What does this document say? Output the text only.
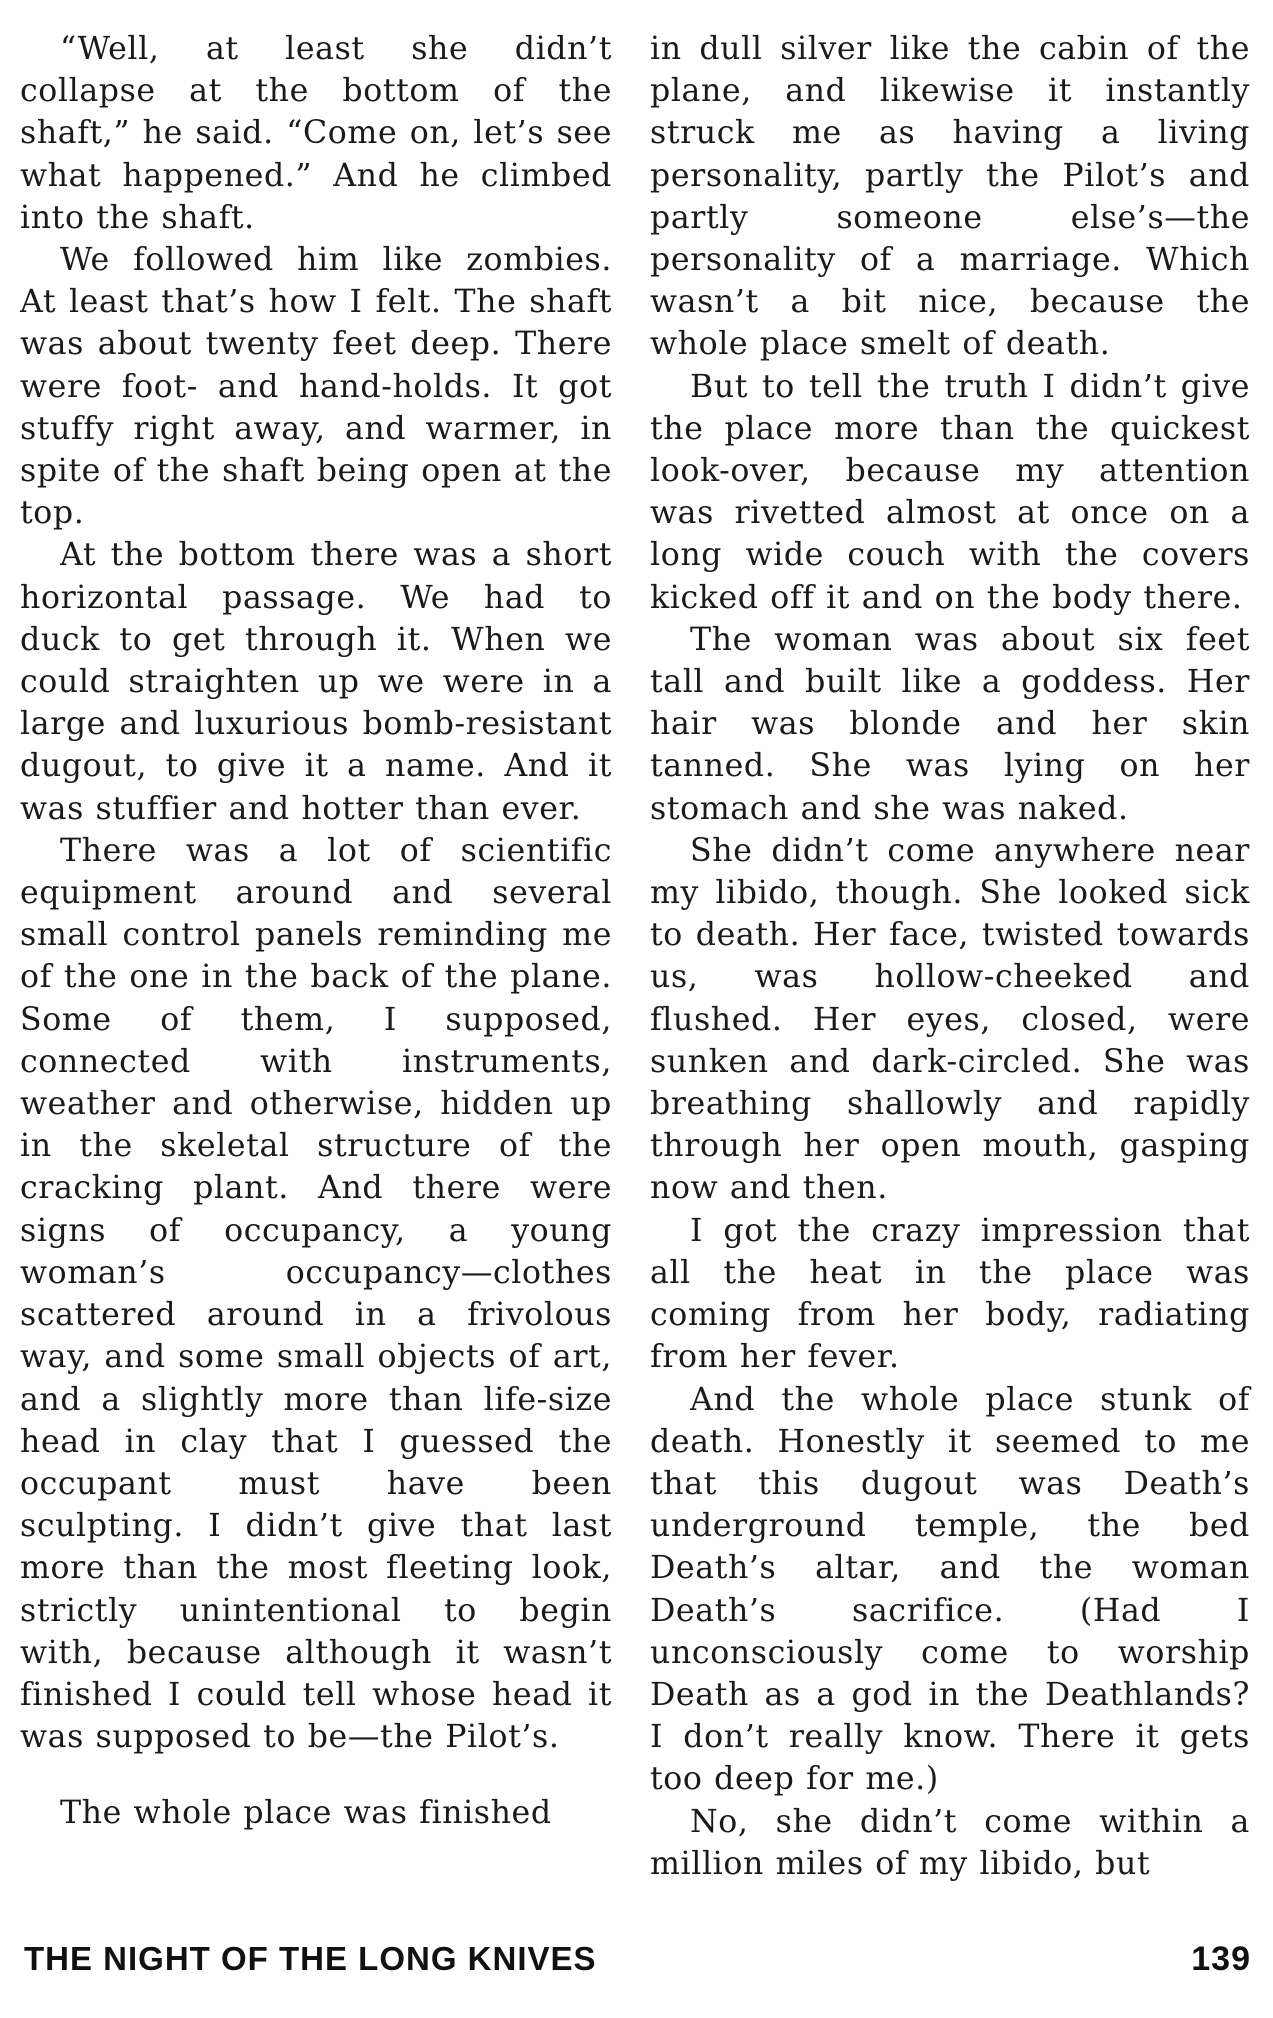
“Well, at least she didn’t collapse at the bottom of the shaft,” he said. “Come on, let’s see what happened.” And he climbed into the shaft.

We followed him like zombies. At least that’s how I felt. The shaft was about twenty feet deep. There were foot- and hand-holds. It got stuffy right away, and warmer, in spite of the shaft being open at the top.

At the bottom there was a short horizontal passage. We had to duck to get through it. When we could straighten up we were in a large and luxurious bomb-resistant dugout, to give it a name. And it was stuffier and hotter than ever.

There was a lot of scientific equipment around and several small control panels reminding me of the one in the back of the plane. Some of them, I supposed, connected with instruments, weather and otherwise, hidden up in the skeletal structure of the cracking plant. And there were signs of occupancy, a young woman’s occupancy—clothes scattered around in a frivolous way, and some small objects of art, and a slightly more than life-size head in clay that I guessed the occupant must have been sculpting. I didn’t give that last more than the most fleeting look, strictly unintentional to begin with, because although it wasn’t finished I could tell whose head it was supposed to be—the Pilot’s.

The whole place was finished

in dull silver like the cabin of the plane, and likewise it instantly struck me as having a living personality, partly the Pilot’s and partly someone else’s—the personality of a marriage. Which wasn’t a bit nice, because the whole place smelt of death.

But to tell the truth I didn’t give the place more than the quickest look-over, because my attention was rivetted almost at once on a long wide couch with the covers kicked off it and on the body there.

The woman was about six feet tall and built like a goddess. Her hair was blonde and her skin tanned. She was lying on her stomach and she was naked.

She didn’t come anywhere near my libido, though. She looked sick to death. Her face, twisted towards us, was hollow-cheeked and flushed. Her eyes, closed, were sunken and dark-circled. She was breathing shallowly and rapidly through her open mouth, gasping now and then.

I got the crazy impression that all the heat in the place was coming from her body, radiating from her fever.

And the whole place stunk of death. Honestly it seemed to me that this dugout was Death’s underground temple, the bed Death’s altar, and the woman Death’s sacrifice. (Had I unconsciously come to worship Death as a god in the Deathlands? I don’t really know. There it gets too deep for me.)

No, she didn’t come within a million miles of my libido, but

THE NIGHT OF THE LONG KNIVES	139
